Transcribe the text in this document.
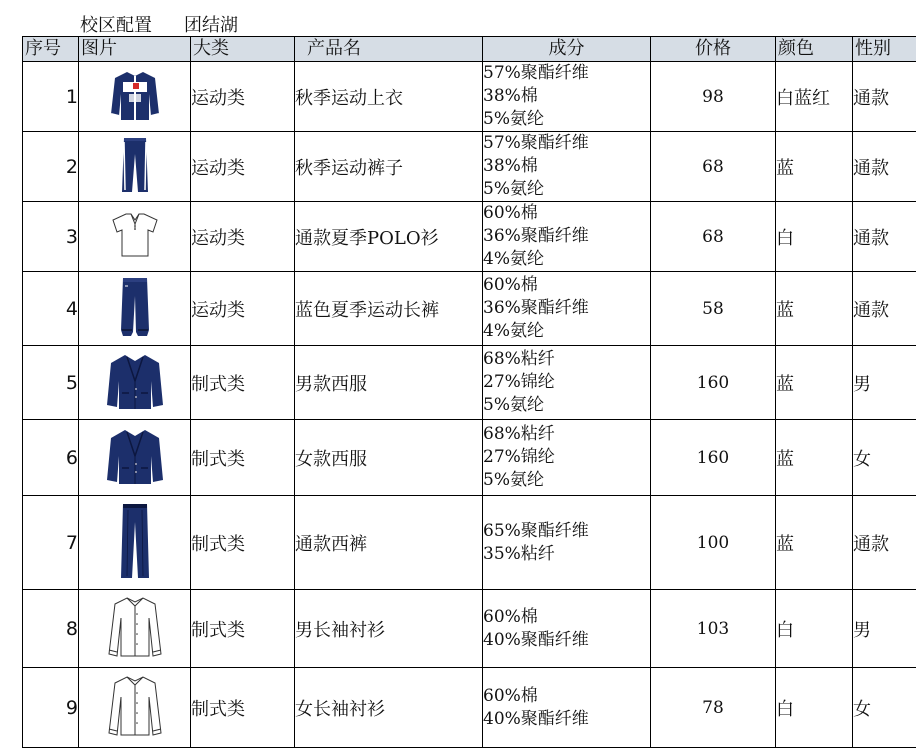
校区配置 团结湖
序号	图片	大类	产品名	成分	价格	颜色	性别
1		运动类	秋季运动上衣	57%聚酯纤维
38%棉
5%氨纶	98	白蓝红	通款
2		运动类	秋季运动裤子	57%聚酯纤维
38%棉
5%氨纶	68	蓝	通款
3		运动类	通款夏季POLO衫	60%棉
36%聚酯纤维
4%氨纶	68	白	通款
4		运动类	蓝色夏季运动长裤	60%棉
36%聚酯纤维
4%氨纶	58	蓝	通款
5		制式类	男款西服	68%粘纤
27%锦纶
5%氨纶	160	蓝	男
6		制式类	女款西服	68%粘纤
27%锦纶
5%氨纶	160	蓝	女
7		制式类	通款西裤	65%聚酯纤维
35%粘纤	100	蓝	通款
8		制式类	男长袖衬衫	60%棉
40%聚酯纤维	103	白	男
9		制式类	女长袖衬衫	60%棉
40%聚酯纤维	78	白	女
